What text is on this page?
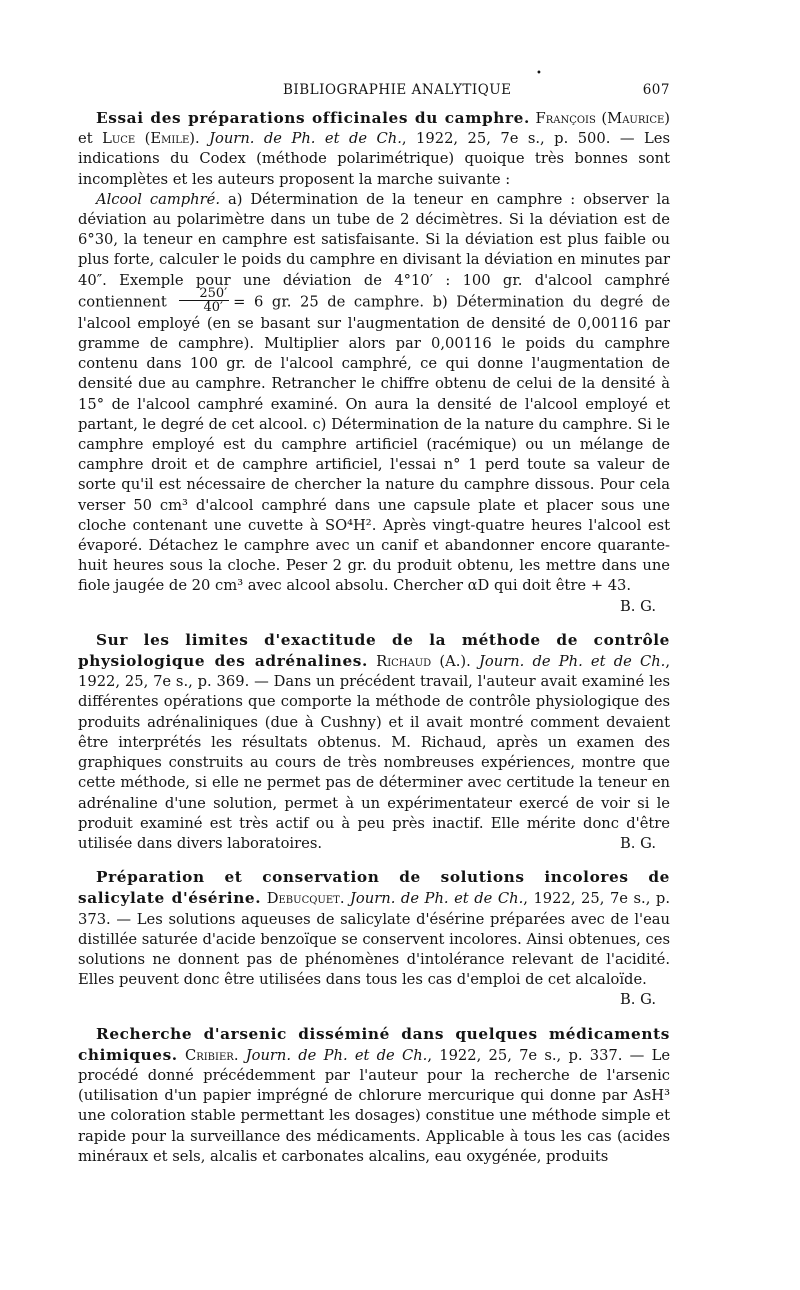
•
BIBLIOGRAPHIE ANALYTIQUE	607

Essai des préparations officinales du camphre. François (Maurice) et Luce (Emile). Journ. de Ph. et de Ch., 1922, 25, 7e s., p. 500. — Les indications du Codex (méthode polarimétrique) quoique très bonnes sont incomplètes et les auteurs proposent la marche suivante :

Alcool camphré. a) Détermination de la teneur en camphre : observer la déviation au polarimètre dans un tube de 2 décimètres. Si la déviation est de 6°30, la teneur en camphre est satisfaisante. Si la déviation est plus faible ou plus forte, calculer le poids du camphre en divisant la déviation en minutes par 40″. Exemple pour une déviation de 4°10′ : 100 gr. d'alcool camphré contiennent $\frac{250'}{40'} = 6$ gr. 25 de camphre. b) Détermination du degré de l'alcool employé (en se basant sur l'augmentation de densité de 0,00116 par gramme de camphre). Multiplier alors par 0,00116 le poids du camphre contenu dans 100 gr. de l'alcool camphré, ce qui donne l'augmentation de densité due au camphre. Retrancher le chiffre obtenu de celui de la densité à 15° de l'alcool camphré examiné. On aura la densité de l'alcool employé et partant, le degré de cet alcool. c) Détermination de la nature du camphre. Si le camphre employé est du camphre artificiel (racémique) ou un mélange de camphre droit et de camphre artificiel, l'essai n° 1 perd toute sa valeur de sorte qu'il est nécessaire de chercher la nature du camphre dissous. Pour cela verser 50 cm³ d'alcool camphré dans une capsule plate et placer sous une cloche contenant une cuvette à SO⁴H². Après vingt-quatre heures l'alcool est évaporé. Détachez le camphre avec un canif et abandonner encore quarante-huit heures sous la cloche. Peser 2 gr. du produit obtenu, les mettre dans une fiole jaugée de 20 cm³ avec alcool absolu. Chercher αD qui doit être + 43.
B. G.

Sur les limites d'exactitude de la méthode de contrôle physiologique des adrénalines. Richaud (A.). Journ. de Ph. et de Ch., 1922, 25, 7e s., p. 369. — Dans un précédent travail, l'auteur avait examiné les différentes opérations que comporte la méthode de contrôle physiologique des produits adrénaliniques (due à Cushny) et il avait montré comment devaient être interprétés les résultats obtenus. M. Richaud, après un examen des graphiques construits au cours de très nombreuses expériences, montre que cette méthode, si elle ne permet pas de déterminer avec certitude la teneur en adrénaline d'une solution, permet à un expérimentateur exercé de voir si le produit examiné est très actif ou à peu près inactif. Elle mérite donc d'être utilisée dans divers laboratoires.	B. G.

Préparation et conservation de solutions incolores de salicylate d'ésérine. Debucquet. Journ. de Ph. et de Ch., 1922, 25, 7e s., p. 373. — Les solutions aqueuses de salicylate d'ésérine préparées avec de l'eau distillée saturée d'acide benzoïque se conservent incolores. Ainsi obtenues, ces solutions ne donnent pas de phénomènes d'intolérance relevant de l'acidité. Elles peuvent donc être utilisées dans tous les cas d'emploi de cet alcaloïde.
B. G.

Recherche d'arsenic disséminé dans quelques médicaments chimiques. Cribier. Journ. de Ph. et de Ch., 1922, 25, 7e s., p. 337. — Le procédé donné précédemment par l'auteur pour la recherche de l'arsenic (utilisation d'un papier imprégné de chlorure mercurique qui donne par AsH³ une coloration stable permettant les dosages) constitue une méthode simple et rapide pour la surveillance des médicaments. Applicable à tous les cas (acides minéraux et sels, alcalis et carbonates alcalins, eau oxygénée, produits
